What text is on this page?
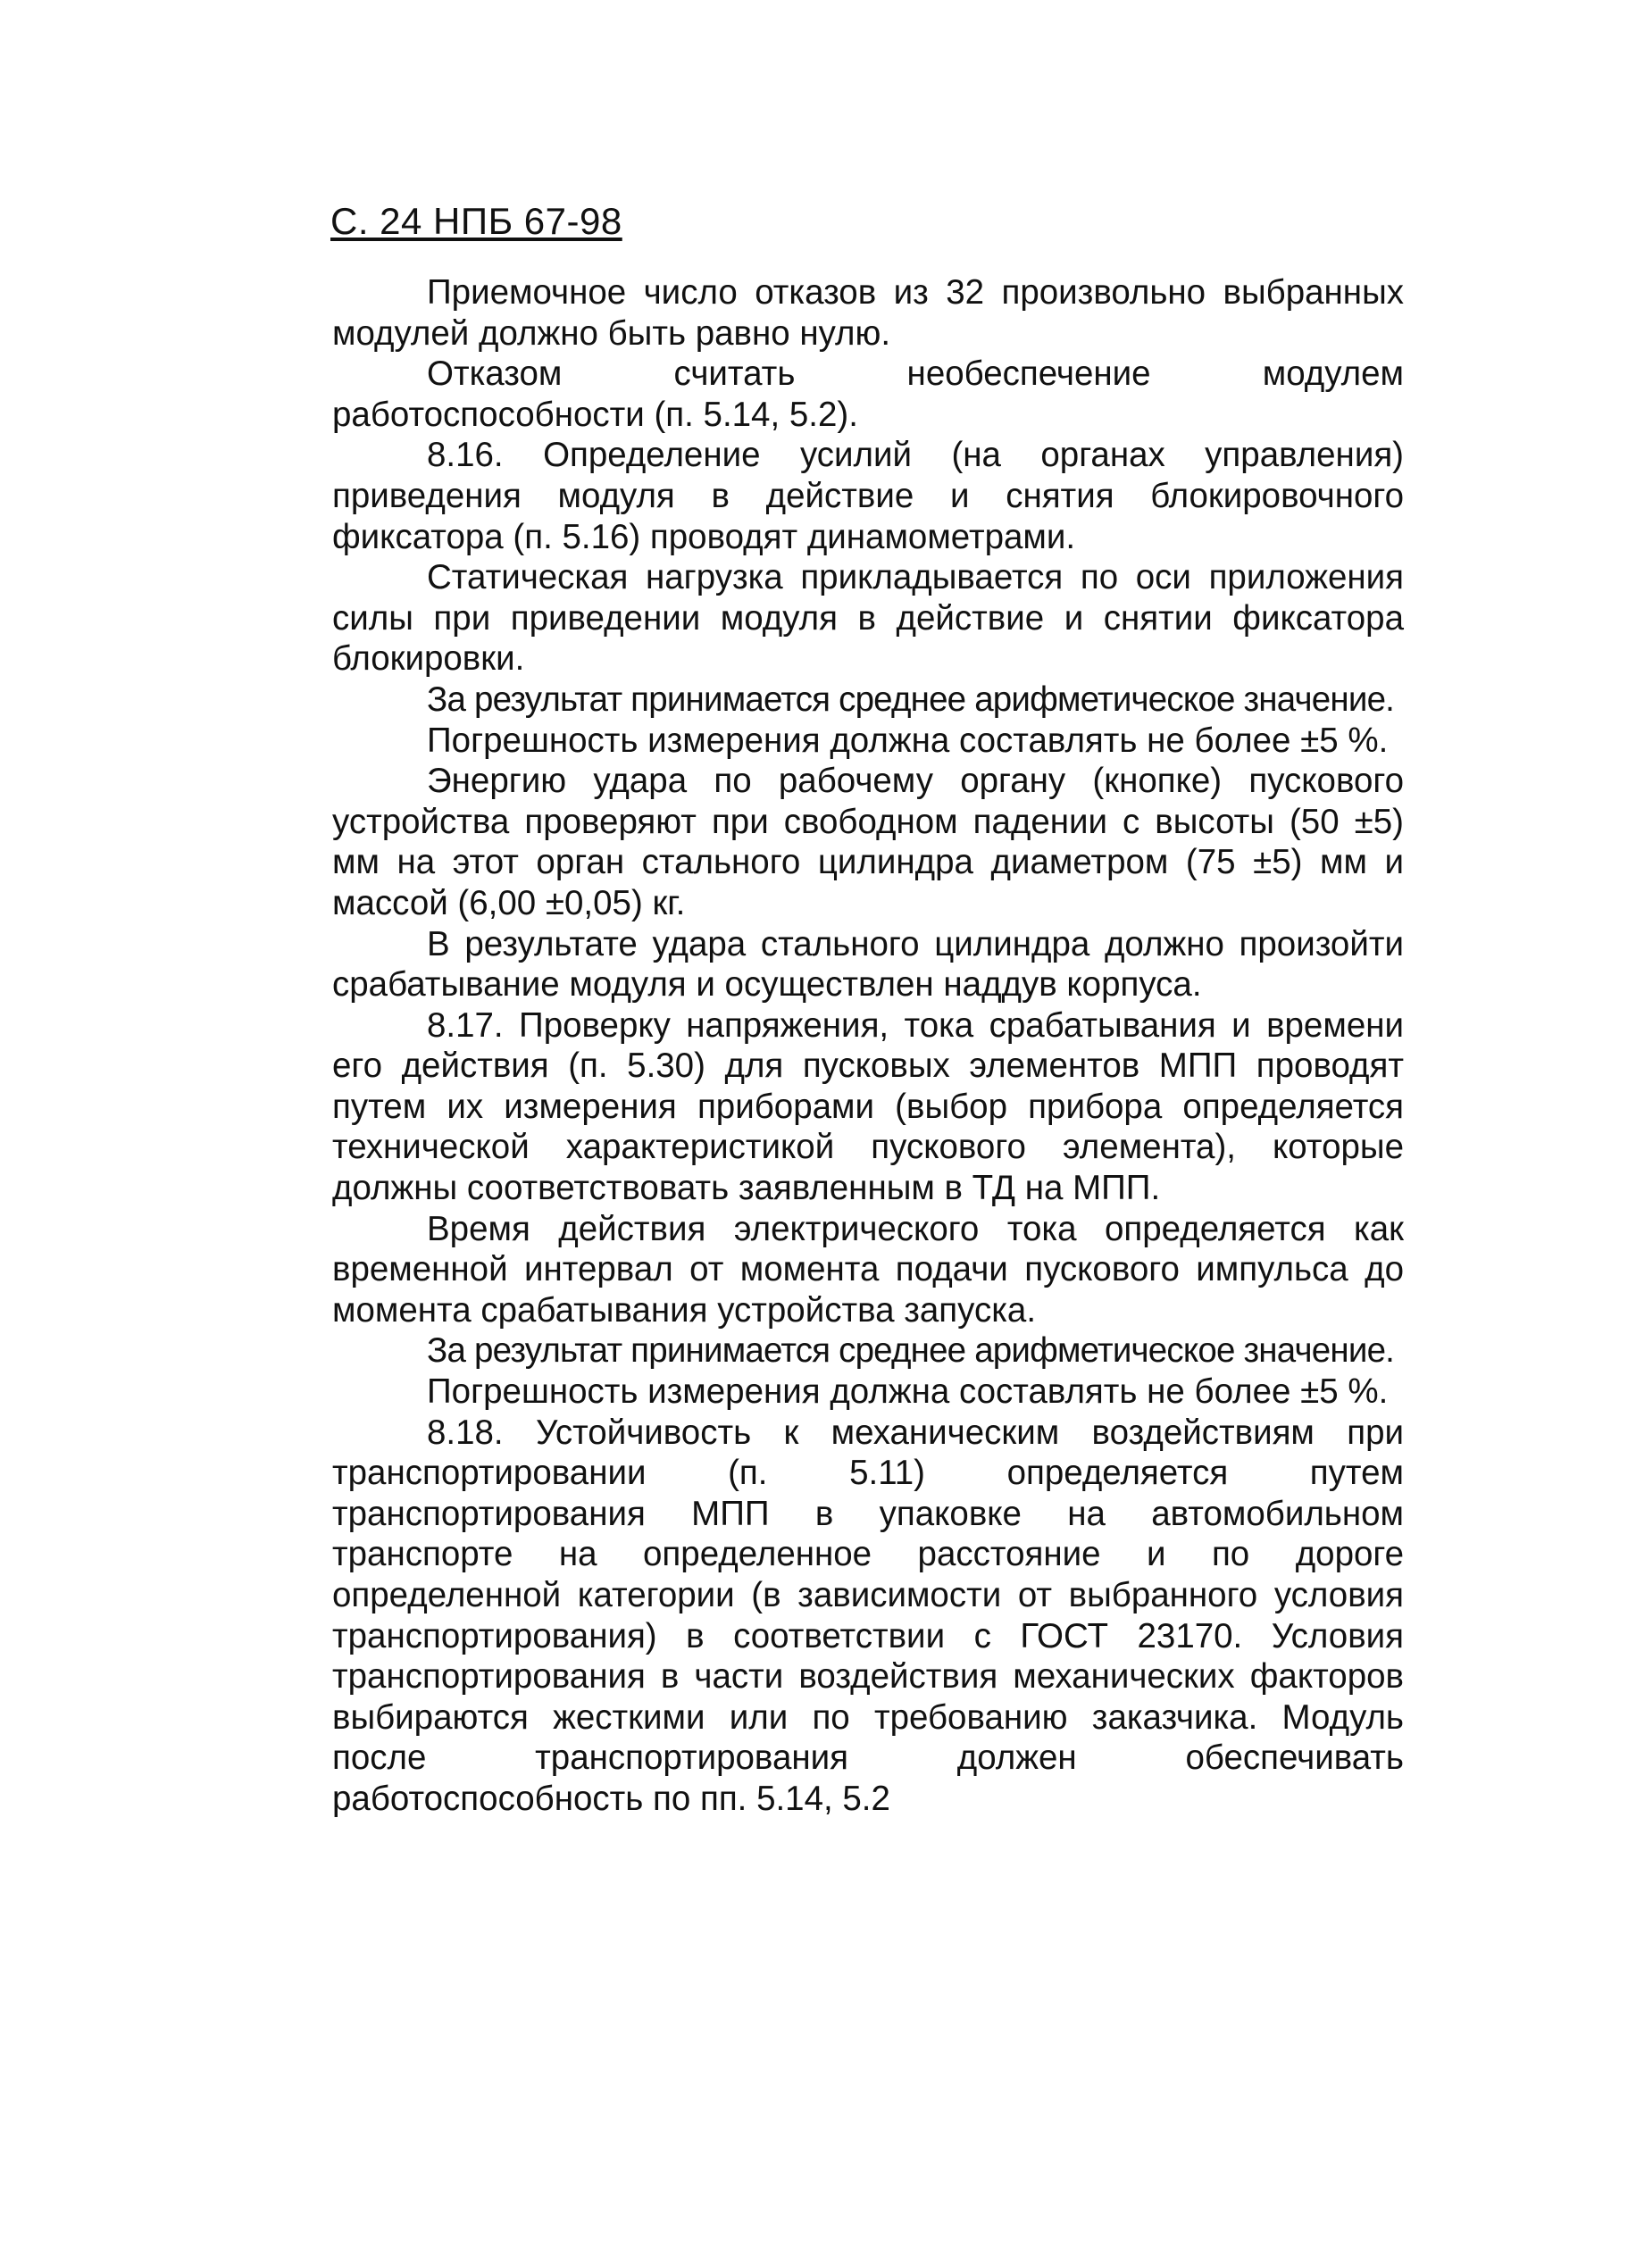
С. 24 НПБ 67-98

Приемочное число отказов из 32 произвольно выбранных модулей должно быть равно нулю.

Отказом считать необеспечение модулем работоспособности (п. 5.14, 5.2).

8.16. Определение усилий (на органах управления) приведения модуля в действие и снятия блокировочного фиксатора (п. 5.16) проводят динамометрами.

Статическая нагрузка прикладывается по оси приложения силы при приведении модуля в действие и снятии фиксатора блокировки.

За результат принимается среднее арифметическое значение.

Погрешность измерения должна составлять не более ±5 %.

Энергию удара по рабочему органу (кнопке) пускового устройства проверяют при свободном падении с высоты (50 ±5) мм на этот орган стального цилиндра диаметром (75 ±5) мм и массой (6,00 ±0,05) кг.

В результате удара стального цилиндра должно произойти срабатывание модуля и осуществлен наддув корпуса.

8.17. Проверку напряжения, тока срабатывания и времени его действия (п. 5.30) для пусковых элементов МПП проводят путем их измерения приборами (выбор прибора определяется технической характеристикой пускового элемента), которые должны соответствовать заявленным в ТД на МПП.

Время действия электрического тока определяется как временной интервал от момента подачи пускового импульса до момента срабатывания устройства запуска.

За результат принимается среднее арифметическое значение.

Погрешность измерения должна составлять не более ±5 %.

8.18. Устойчивость к механическим воздействиям при транспортировании (п. 5.11) определяется путем транспортирования МПП в упаковке на автомобильном транспорте на определенное расстояние и по дороге определенной категории (в зависимости от выбранного условия транспортирования) в соответствии с ГОСТ 23170. Условия транспортирования в части воздействия механических факторов выбираются жесткими или по требованию заказчика. Модуль после транспортирования должен обеспечивать работоспособность по пп. 5.14, 5.2
